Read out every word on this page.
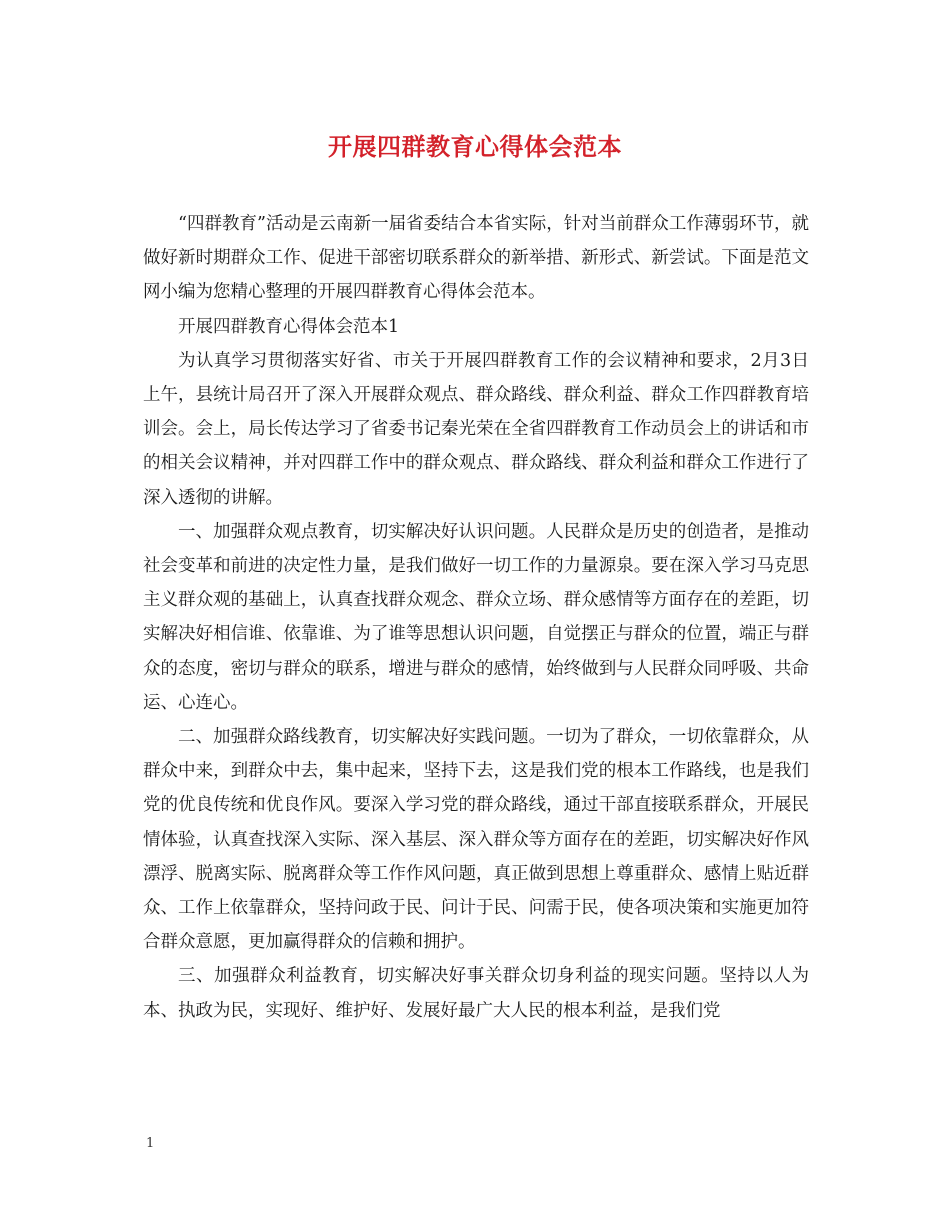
开展四群教育心得体会范本

“四群教育”活动是云南新一届省委结合本省实际，针对当前群众工作薄弱环节，就做好新时期群众工作、促进干部密切联系群众的新举措、新形式、新尝试。下面是范文网小编为您精心整理的开展四群教育心得体会范本。

开展四群教育心得体会范本1

为认真学习贯彻落实好省、市关于开展四群教育工作的会议精神和要求，2月3日上午，县统计局召开了深入开展群众观点、群众路线、群众利益、群众工作四群教育培训会。会上，局长传达学习了省委书记秦光荣在全省四群教育工作动员会上的讲话和市的相关会议精神，并对四群工作中的群众观点、群众路线、群众利益和群众工作进行了深入透彻的讲解。

一、加强群众观点教育，切实解决好认识问题。人民群众是历史的创造者，是推动社会变革和前进的决定性力量，是我们做好一切工作的力量源泉。要在深入学习马克思主义群众观的基础上，认真查找群众观念、群众立场、群众感情等方面存在的差距，切实解决好相信谁、依靠谁、为了谁等思想认识问题，自觉摆正与群众的位置，端正与群众的态度，密切与群众的联系，增进与群众的感情，始终做到与人民群众同呼吸、共命运、心连心。

二、加强群众路线教育，切实解决好实践问题。一切为了群众，一切依靠群众，从群众中来，到群众中去，集中起来，坚持下去，这是我们党的根本工作路线，也是我们党的优良传统和优良作风。要深入学习党的群众路线，通过干部直接联系群众，开展民情体验，认真查找深入实际、深入基层、深入群众等方面存在的差距，切实解决好作风漂浮、脱离实际、脱离群众等工作作风问题，真正做到思想上尊重群众、感情上贴近群众、工作上依靠群众，坚持问政于民、问计于民、问需于民，使各项决策和实施更加符合群众意愿，更加赢得群众的信赖和拥护。

三、加强群众利益教育，切实解决好事关群众切身利益的现实问题。坚持以人为本、执政为民，实现好、维护好、发展好最广大人民的根本利益，是我们党

1
